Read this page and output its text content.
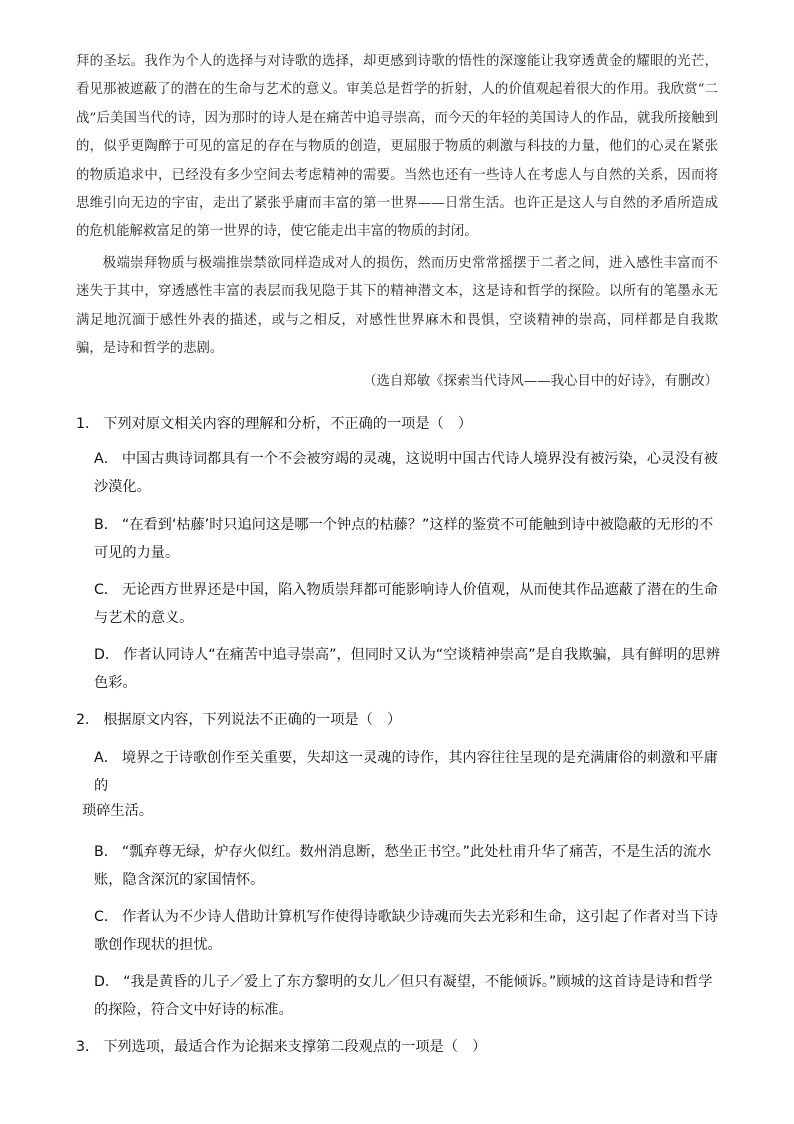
拜的圣坛。我作为个人的选择与对诗歌的选择，却更感到诗歌的悟性的深邃能让我穿透黄金的耀眼的光芒，看见那被遮蔽了的潜在的生命与艺术的意义。审美总是哲学的折射，人的价值观起着很大的作用。我欣赏“二战”后美国当代的诗，因为那时的诗人是在痛苦中追寻崇高，而今天的年轻的美国诗人的作品，就我所接触到的，似乎更陶醉于可见的富足的存在与物质的创造，更屈服于物质的刺激与科技的力量，他们的心灵在紧张的物质追求中，已经没有多少空间去考虑精神的需要。当然也还有一些诗人在考虑人与自然的关系，因而将思维引向无边的宇宙，走出了紧张乎庸而丰富的第一世界——日常生活。也许正是这人与自然的矛盾所造成的危机能解救富足的第一世界的诗，使它能走出丰富的物质的封闭。
极端崇拜物质与极端推崇禁欲同样造成对人的损伤，然而历史常常摇摆于二者之间，进入感性丰富而不迷失于其中，穿透感性丰富的表层而我见隐于其下的精神潜文本，这是诗和哲学的探险。以所有的笔墨永无满足地沉湎于感性外表的描述，或与之相反，对感性世界麻木和畏惧，空谈精神的崇高，同样都是自我欺骗，是诗和哲学的悲剧。
（选自郑敏《探索当代诗风——我心目中的好诗》，有删改）
1． 下列对原文相关内容的理解和分析，不正确的一项是（　）
A． 中国古典诗词都具有一个不会被穷竭的灵魂，这说明中国古代诗人境界没有被污染，心灵没有被沙漠化。
B． “在看到‘枯藤’时只追问这是哪一个钟点的枯藤？”这样的鉴赏不可能触到诗中被隐蔽的无形的不可见的力量。
C． 无论西方世界还是中国，陷入物质崇拜都可能影响诗人价值观，从而使其作品遮蔽了潜在的生命与艺术的意义。
D． 作者认同诗人“在痛苦中追寻崇高”，但同时又认为“空谈精神崇高”是自我欺骗，具有鲜明的思辨色彩。
2． 根据原文内容，下列说法不正确的一项是（　）
A． 境界之于诗歌创作至关重要，失却这一灵魂的诗作，其内容往往呈现的是充满庸俗的刺激和平庸的
琐碎生活。
B． “瓢弃尊无绿，炉存火似红。数州消息断，愁坐正书空。”此处杜甫升华了痛苦，不是生活的流水账，隐含深沉的家国情怀。
C． 作者认为不少诗人借助计算机写作使得诗歌缺少诗魂而失去光彩和生命，这引起了作者对当下诗歌创作现状的担忧。
D． “我是黄昏的儿子／爱上了东方黎明的女儿／但只有凝望，不能倾诉。”顾城的这首诗是诗和哲学的探险，符合文中好诗的标准。
3． 下列选项，最适合作为论据来支撑第二段观点的一项是（　）
